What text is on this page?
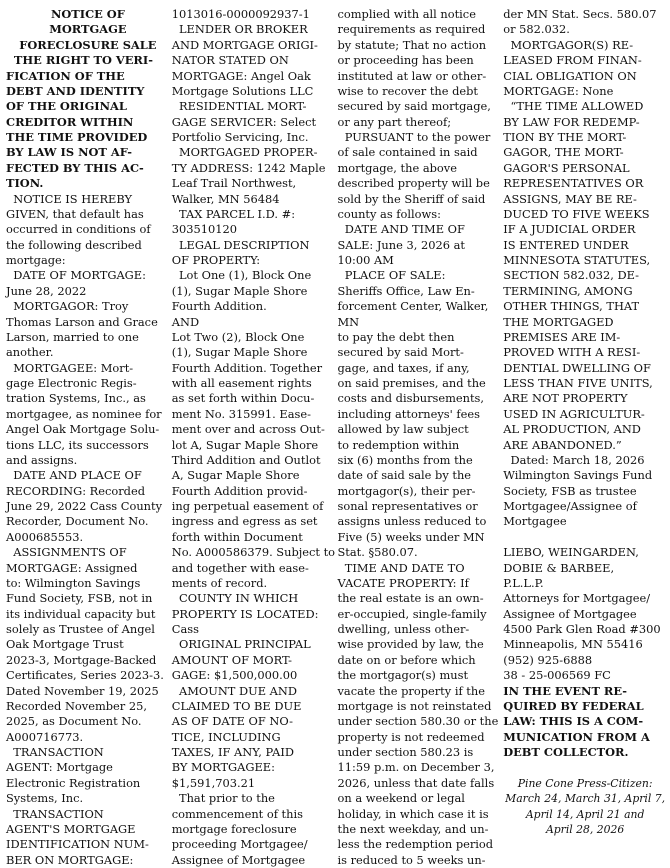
NOTICE OF
MORTGAGE
FORECLOSURE SALE
THE RIGHT TO VERI-
FICATION OF THE
DEBT AND IDENTITY
OF THE ORIGINAL
CREDITOR WITHIN
THE TIME PROVIDED
BY LAW IS NOT AF-
FECTED BY THIS AC-
TION.
NOTICE IS HEREBY
GIVEN, that default has
occurred in conditions of
the following described
mortgage:
DATE OF MORTGAGE:
June 28, 2022
MORTGAGOR: Troy
Thomas Larson and Grace
Larson, married to one
another.
MORTGAGEE: Mort-
gage Electronic Regis-
tration Systems, Inc., as
mortgagee, as nominee for
Angel Oak Mortgage Solu-
tions LLC, its successors
and assigns.
DATE AND PLACE OF
RECORDING: Recorded
June 29, 2022 Cass County
Recorder, Document No.
A000685553.
ASSIGNMENTS OF
MORTGAGE: Assigned
to: Wilmington Savings
Fund Society, FSB, not in
its individual capacity but
solely as Trustee of Angel
Oak Mortgage Trust
2023-3, Mortgage-Backed
Certificates, Series 2023-3.
Dated November 19, 2025
Recorded November 25,
2025, as Document No.
A000716773.
TRANSACTION
AGENT: Mortgage
Electronic Registration
Systems, Inc.
TRANSACTION
AGENT'S MORTGAGE
IDENTIFICATION NUM-
BER ON MORTGAGE:
1013016-0000092937-1
LENDER OR BROKER
AND MORTGAGE ORIGI-
NATOR STATED ON
MORTGAGE: Angel Oak
Mortgage Solutions LLC
RESIDENTIAL MORT-
GAGE SERVICER: Select
Portfolio Servicing, Inc.
MORTGAGED PROPER-
TY ADDRESS: 1242 Maple
Leaf Trail Northwest,
Walker, MN 56484
TAX PARCEL I.D. #:
303510120
LEGAL DESCRIPTION
OF PROPERTY:
Lot One (1), Block One
(1), Sugar Maple Shore
Fourth Addition.
AND
Lot Two (2), Block One
(1), Sugar Maple Shore
Fourth Addition. Together
with all easement rights
as set forth within Docu-
ment No. 315991. Ease-
ment over and across Out-
lot A, Sugar Maple Shore
Third Addition and Outlot
A, Sugar Maple Shore
Fourth Addition provid-
ing perpetual easement of
ingress and egress as set
forth within Document
No. A000586379. Subject to
and together with ease-
ments of record.
COUNTY IN WHICH
PROPERTY IS LOCATED:
Cass
ORIGINAL PRINCIPAL
AMOUNT OF MORT-
GAGE: $1,500,000.00
AMOUNT DUE AND
CLAIMED TO BE DUE
AS OF DATE OF NO-
TICE, INCLUDING
TAXES, IF ANY, PAID
BY MORTGAGEE:
$1,591,703.21
That prior to the
commencement of this
mortgage foreclosure
proceeding Mortgagee/
Assignee of Mortgagee
complied with all notice
requirements as required
by statute; That no action
or proceeding has been
instituted at law or other-
wise to recover the debt
secured by said mortgage,
or any part thereof;
PURSUANT to the power
of sale contained in said
mortgage, the above
described property will be
sold by the Sheriff of said
county as follows:
DATE AND TIME OF
SALE: June 3, 2026 at
10:00 AM
PLACE OF SALE:
Sheriffs Office, Law En-
forcement Center, Walker,
MN
to pay the debt then
secured by said Mort-
gage, and taxes, if any,
on said premises, and the
costs and disbursements,
including attorneys' fees
allowed by law subject
to redemption within
six (6) months from the
date of said sale by the
mortgagor(s), their per-
sonal representatives or
assigns unless reduced to
Five (5) weeks under MN
Stat. §580.07.
TIME AND DATE TO
VACATE PROPERTY: If
the real estate is an own-
er-occupied, single-family
dwelling, unless other-
wise provided by law, the
date on or before which
the mortgagor(s) must
vacate the property if the
mortgage is not reinstated
under section 580.30 or the
property is not redeemed
under section 580.23 is
11:59 p.m. on December 3,
2026, unless that date falls
on a weekend or legal
holiday, in which case it is
the next weekday, and un-
less the redemption period
is reduced to 5 weeks un-
der MN Stat. Secs. 580.07
or 582.032.
MORTGAGOR(S) RE-
LEASED FROM FINAN-
CIAL OBLIGATION ON
MORTGAGE: None
“THE TIME ALLOWED
BY LAW FOR REDEMP-
TION BY THE MORT-
GAGOR, THE MORT-
GAGOR'S PERSONAL
REPRESENTATIVES OR
ASSIGNS, MAY BE RE-
DUCED TO FIVE WEEKS
IF A JUDICIAL ORDER
IS ENTERED UNDER
MINNESOTA STATUTES,
SECTION 582.032, DE-
TERMINING, AMONG
OTHER THINGS, THAT
THE MORTGAGED
PREMISES ARE IM-
PROVED WITH A RESI-
DENTIAL DWELLING OF
LESS THAN FIVE UNITS,
ARE NOT PROPERTY
USED IN AGRICULTUR-
AL PRODUCTION, AND
ARE ABANDONED.”
Dated: March 18, 2026
Wilmington Savings Fund
Society, FSB as trustee
Mortgagee/Assignee of
Mortgagee
LIEBO, WEINGARDEN,
DOBIE & BARBEE,
P.L.L.P.
Attorneys for Mortgagee/
Assignee of Mortgagee
4500 Park Glen Road #300
Minneapolis, MN 55416
(952) 925-6888
38 - 25-006569 FC
IN THE EVENT RE-
QUIRED BY FEDERAL
LAW: THIS IS A COM-
MUNICATION FROM A
DEBT COLLECTOR.
Pine Cone Press-Citizen:
March 24, March 31, April 7,
April 14, April 21 and
April 28, 2026
